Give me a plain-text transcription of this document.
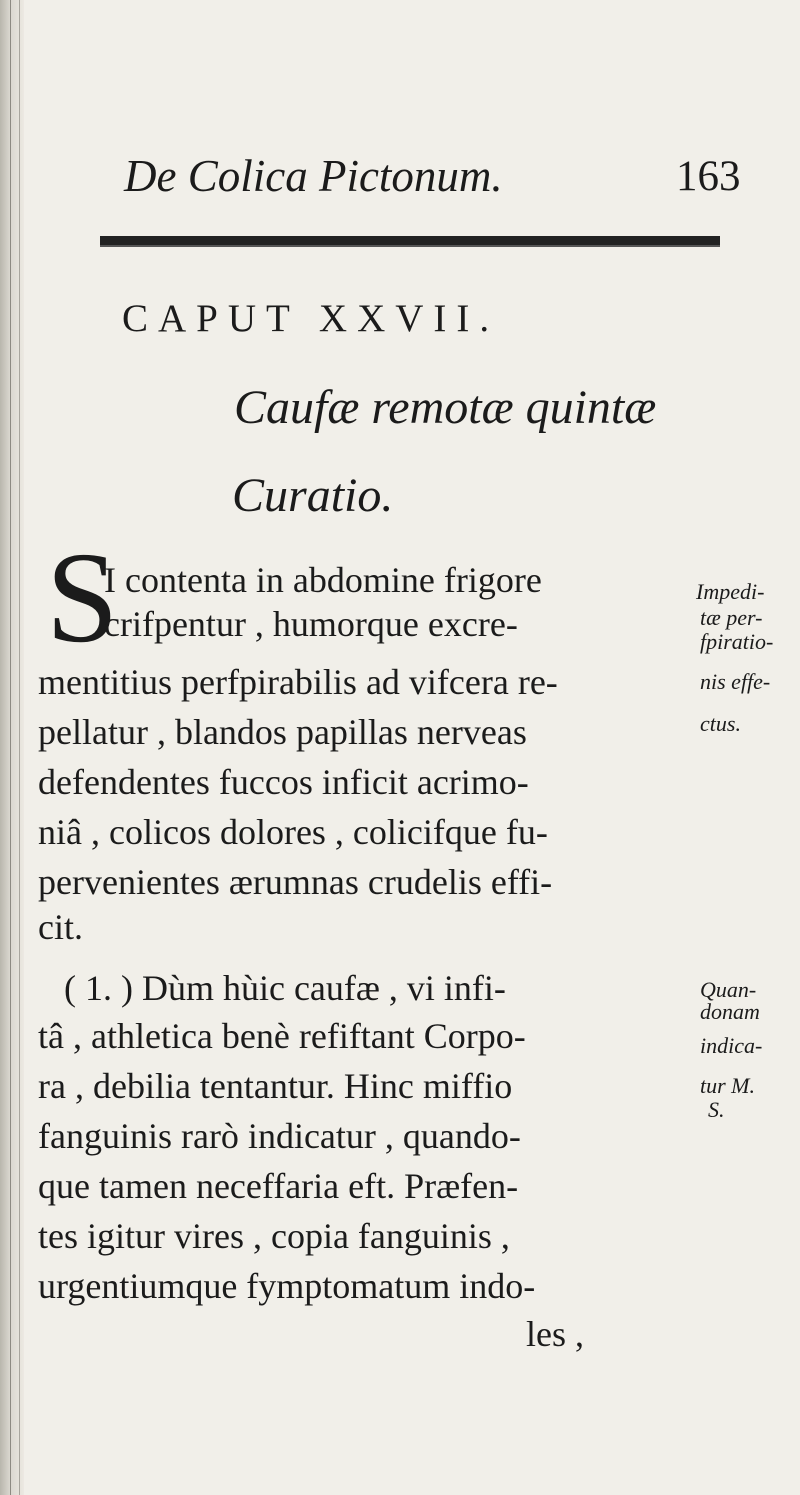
De Colica Pictonum.	163
CAPUT XXVII.
Caufæ remotæ quintæ
Curatio.
S
I contenta in abdomine frigore
crifpentur , humorque excre-
mentitius perfpirabilis ad vifcera re-
pellatur , blandos papillas nerveas
defendentes fuccos inficit acrimo-
niâ , colicos dolores , colicifque fu-
pervenientes ærumnas crudelis effi-
cit.
( 1. ) Dùm hùic caufæ , vi infi-
tâ , athletica benè refiftant Corpo-
ra , debilia tentantur. Hinc miffio
fanguinis rarò indicatur , quando-
que tamen neceffaria eft. Præfen-
tes igitur vires , copia fanguinis ,
urgentiumque fymptomatum indo-
les ,
Impedi-
tæ per-
fpiratio-
nis effe-
ctus.
Quan-
donam
indica-
tur M.
S.
